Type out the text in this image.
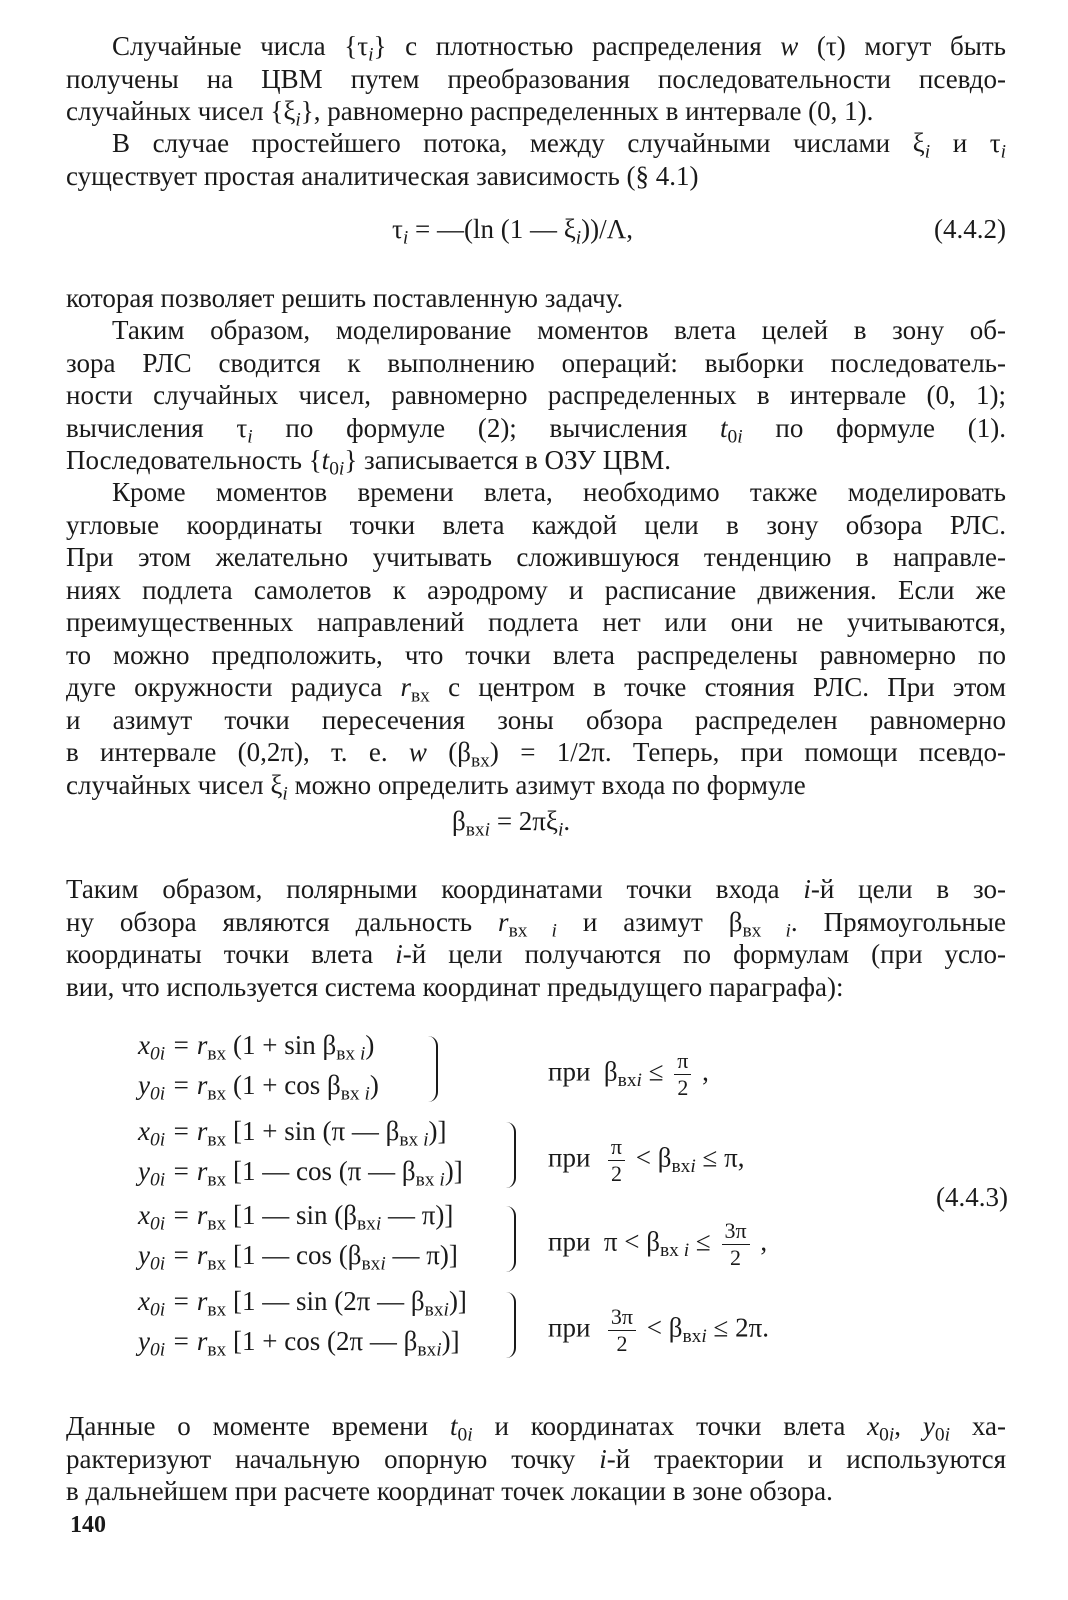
Случайные числа $\{\tau_i\}$ с плотностью распределения w (τ) могут быть
получены на ЦВМ путем преобразования последовательности псевдо-
случайных чисел $\{\xi_i\}$, равномерно распределенных в интервале (0, 1).
В случае простейшего потока, между случайными числами $\xi_i$ и $\tau_i$
существует простая аналитическая зависимость (§ 4.1)
$\tau_i$ = —(ln (1 — $\xi_i))/\Lambda$,	(4.4.2)
которая позволяет решить поставленную задачу.
Таким образом, моделирование моментов влета целей в зону об-
зора РЛС сводится к выполнению операций: выборки последователь-
ности случайных чисел, равномерно распределенных в интервале (0, 1);
вычисления $\tau_i$ по формуле (2); вычисления $t_{0i}$ по формуле (1).
Последовательность $\{t_{0i}\}$ записывается в ОЗУ ЦВМ.
Кроме моментов времени влета, необходимо также моделировать
угловые координаты точки влета каждой цели в зону обзора РЛС.
При этом желательно учитывать сложившуюся тенденцию в направле-
ниях подлета самолетов к аэродрому и расписание движения. Если же
преимущественных направлений подлета нет или они не учитываются,
то можно предположить, что точки влета распределены равномерно по
дуге окружности радиуса $r_{вх}$ с центром в точке стояния РЛС. При этом
и азимут точки пересечения зоны обзора распределен равномерно
в интервале (0,2π), т. е. w $(\beta_{вх}) = 1/2\pi$. Теперь, при помощи псевдо-
случайных чисел $\xi_i$ можно определить азимут входа по формуле
$\beta_{вхi} = 2\pi\xi_i$.
Таким образом, полярными координатами точки входа i-й цели в зо-
ну обзора являются дальность $r_{вх i}$ и азимут $\beta_{вх i}$. Прямоугольные
координаты точки влета i-й цели получаются по формулам (при усло-
вии, что используется система координат предыдущего параграфа):
$x_{0i} = r_{вх}$ $(1 + \sin \beta_{вх i})$
$y_{0i} = r_{вх}$ $(1 + \cos \beta_{вх i})$	при  $\beta_{вхi} \le \frac{\pi}{2}$ ,
$x_{0i} = r_{вх}$ [1 + sin (π — $\beta_{вх i}$)]
$y_{0i} = r_{вх}$ [1 — cos (π — $\beta_{вх i}$)]	при $\frac{\pi}{2} < \beta_{вхi} \le \pi$,
$x_{0i} = r_{вх}$ [1 — $\sin (\beta_{вхi}$ — π)]
$y_{0i} = r_{вх}$ [1 — $\cos (\beta_{вхi}$ — π)]	при  $\pi < \beta_{вх i} \le \frac{3\pi}{2}$ ,
$x_{0i} = r_{вх}$ [1 — sin (2π — $\beta_{вхi}$)]
$y_{0i} = r_{вх}$ [1 + cos (2π — $\beta_{вхi}$)]	при $\frac{3\pi}{2} < \beta_{вхi} \le 2\pi$.
(4.4.3)
Данные о моменте времени $t_{0i}$ и координатах точки влета $x_{0i}$, $y_{0i}$ ха-
рактеризуют начальную опорную точку i-й траектории и используются
в дальнейшем при расчете координат точек локации в зоне обзора.
140
